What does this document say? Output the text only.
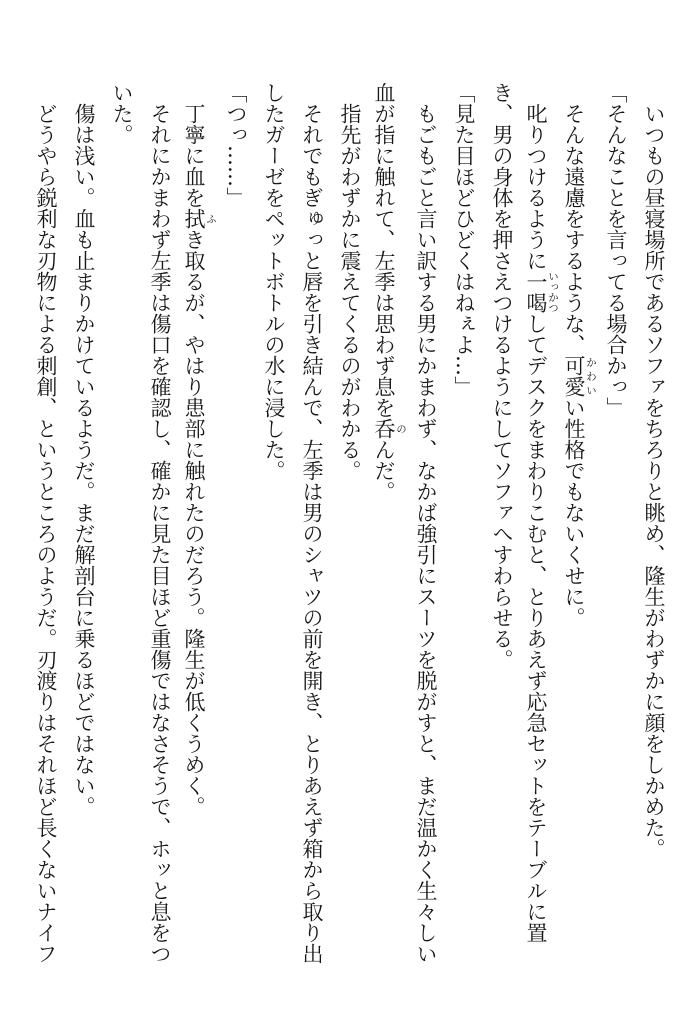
いつもの昼寝場所であるソファをちろりと眺め、隆生がわずかに顔をしかめた。
「そんなことを言ってる場合かっ」
そんな遠慮をするような、可愛 かわいい性格でもないくせに。
叱りつけるように一喝 いっかつしてデスクをまわりこむと、とりあえず応急セットをテーブルに置
き、男の身体を押さえつけるようにしてソファへすわらせる。
「見た目ほどひどくはねぇよ…」
もごもごと言い訳する男にかまわず、なかば強引にスーツを脱がすと、まだ温かく生々しい
血が指に触れて、左季は思わず息を呑 のんだ。
指先がわずかに震えてくるのがわかる。
それでもぎゅっと唇を引き結んで、左季は男のシャツの前を開き、とりあえず箱から取り出
したガーゼをペットボトルの水に浸した。
「つっ……」
丁寧に血を拭 ふき取るが、やはり患部に触れたのだろう。隆生が低くうめく。
それにかまわず左季は傷口を確認し、確かに見た目ほど重傷ではなさそうで、ホッと息をつ
いた。
傷は浅い。血も止まりかけているようだ。まだ解剖台に乗るほどではない。
どうやら鋭利な刃物による刺創、というところのようだ。刃渡りはそれほど長くないナイフ
